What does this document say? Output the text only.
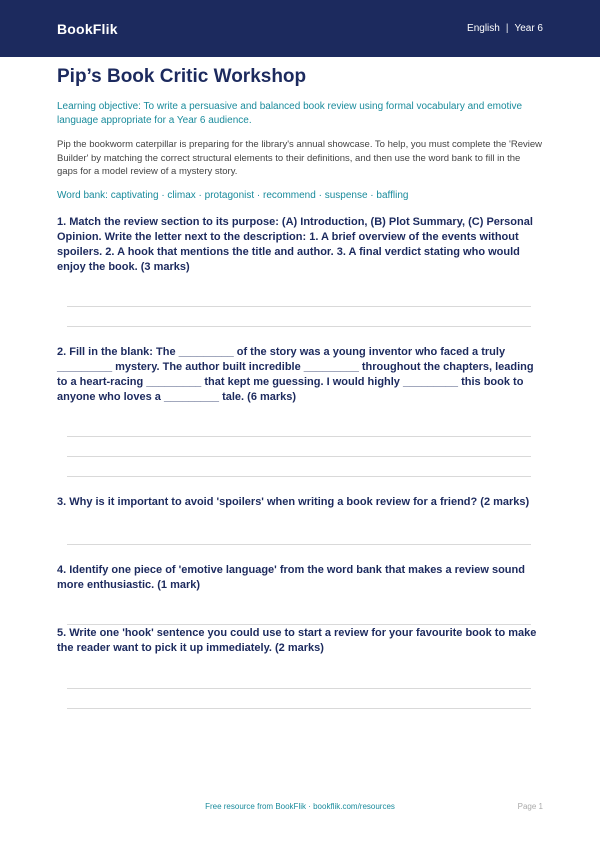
BookFlik	English | Year 6
Pip’s Book Critic Workshop
Learning objective: To write a persuasive and balanced book review using formal vocabulary and emotive language appropriate for a Year 6 audience.
Pip the bookworm caterpillar is preparing for the library's annual showcase. To help, you must complete the 'Review Builder' by matching the correct structural elements to their definitions, and then use the word bank to fill in the gaps for a model review of a mystery story.
Word bank: captivating · climax · protagonist · recommend · suspense · baffling
1. Match the review section to its purpose: (A) Introduction, (B) Plot Summary, (C) Personal Opinion. Write the letter next to the description: 1. A brief overview of the events without spoilers. 2. A hook that mentions the title and author. 3. A final verdict stating who would enjoy the book. (3 marks)
2. Fill in the blank: The _________ of the story was a young inventor who faced a truly _________ mystery. The author built incredible _________ throughout the chapters, leading to a heart-racing _________ that kept me guessing. I would highly _________ this book to anyone who loves a _________ tale. (6 marks)
3. Why is it important to avoid 'spoilers' when writing a book review for a friend? (2 marks)
4. Identify one piece of 'emotive language' from the word bank that makes a review sound more enthusiastic. (1 mark)
5. Write one 'hook' sentence you could use to start a review for your favourite book to make the reader want to pick it up immediately. (2 marks)
Free resource from BookFlik · bookflik.com/resources	Page 1
